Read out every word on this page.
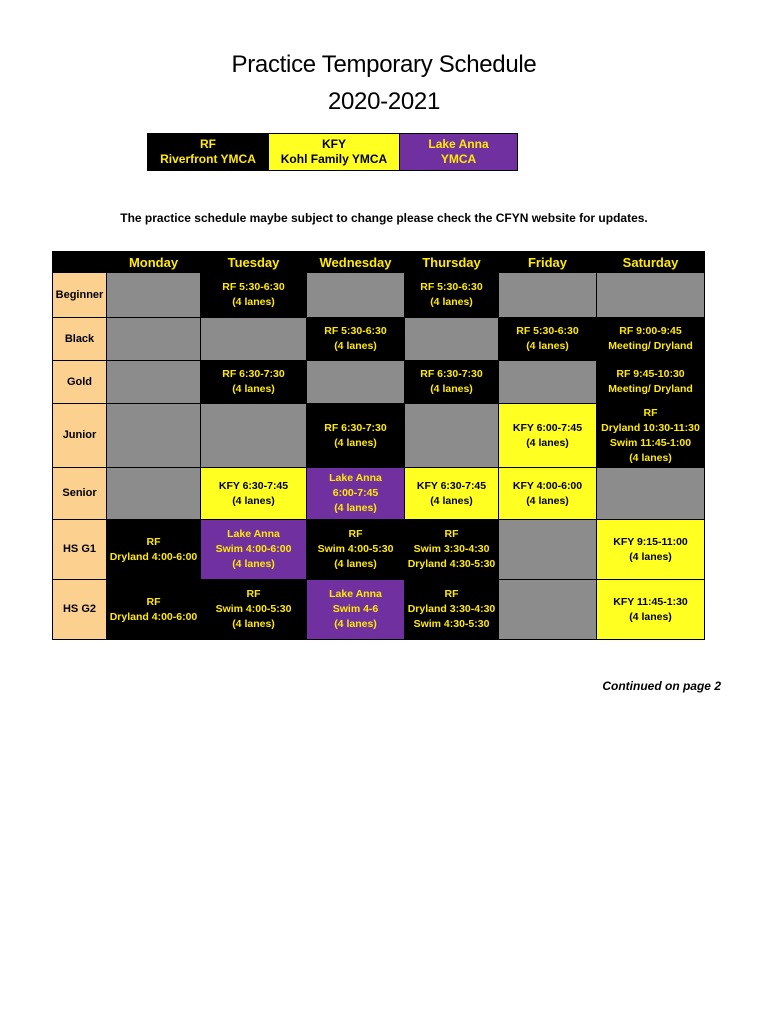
Practice Temporary Schedule
2020-2021
RF
Riverfront YMCA

KFY
Kohl Family YMCA

Lake Anna
YMCA
The practice schedule maybe subject to change please check the CFYN website for updates.
	Monday	Tuesday	Wednesday	Thursday	Friday	Saturday
Beginner		RF 5:30-6:30
(4 lanes)		RF 5:30-6:30
(4 lanes)		
Black			RF 5:30-6:30
(4 lanes)		RF 5:30-6:30
(4 lanes)	RF 9:00-9:45
Meeting/ Dryland
Gold		RF 6:30-7:30
(4 lanes)		RF 6:30-7:30
(4 lanes)		RF 9:45-10:30
Meeting/ Dryland
Junior			RF 6:30-7:30
(4 lanes)		KFY 6:00-7:45
(4 lanes)	RF
Dryland 10:30-11:30
Swim 11:45-1:00
(4 lanes)
Senior		KFY 6:30-7:45
(4 lanes)	Lake Anna
6:00-7:45
(4 lanes)	KFY 6:30-7:45
(4 lanes)	KFY 4:00-6:00
(4 lanes)	
HS G1	RF
Dryland 4:00-6:00	Lake Anna
Swim 4:00-6:00
(4 lanes)	RF
Swim 4:00-5:30
(4 lanes)	RF
Swim 3:30-4:30
Dryland 4:30-5:30		KFY 9:15-11:00
(4 lanes)
HS G2	RF
Dryland 4:00-6:00	RF
Swim 4:00-5:30
(4 lanes)	Lake Anna
Swim 4-6
(4 lanes)	RF
Dryland 3:30-4:30
Swim 4:30-5:30		KFY 11:45-1:30
(4 lanes)
Continued on page 2
